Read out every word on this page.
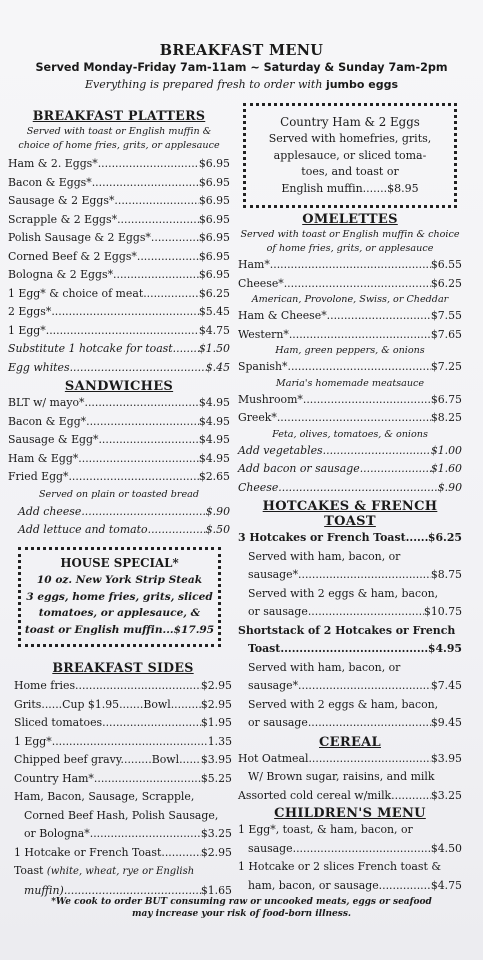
BREAKFAST MENU
Served Monday-Friday 7am-11am ~ Saturday & Sunday 7am-2pm
Everything is prepared fresh to order with jumbo eggs
BREAKFAST PLATTERS
Served with toast or English muffin & choice of home fries, grits, or applesauce
Ham & 2. Eggs* .....	$6.95
Bacon & Eggs* .....	$6.95
Sausage & 2 Eggs* .....	$6.95
Scrapple & 2 Eggs* .....	$6.95
Polish Sausage & 2 Eggs* .....	$6.95
Corned Beef & 2 Eggs* .....	$6.95
Bologna & 2 Eggs* .....	$6.95
1 Egg* & choice of meat .....	$6.25
2 Eggs* .....	$5.45
1 Egg* .....	$4.75
Substitute 1 hotcake for toast ..... $1.50
Egg whites .....	$.45
SANDWICHES
BLT w/ mayo* .....	$4.95
Bacon & Egg* .....	$4.95
Sausage & Egg* .....	$4.95
Ham & Egg* .....	$4.95
Fried Egg* .....	$2.65
Served on plain or toasted bread
Add cheese .....	$.90
Add lettuce and tomato .....	$.50
HOUSE SPECIAL*
10 oz. New York Strip Steak
3 eggs, home fries, grits, sliced
tomatoes, or applesauce, &
toast or English muffin...$17.95
BREAKFAST SIDES
Home fries .....	$2.95
Grits......Cup $1.95.......Bowl .....	$2.95
Sliced tomatoes .....	$1.95
1 Egg* .....	1.35
Chipped beef gravy.........Bowl ..... $3.95
Country Ham* .....	$5.25
Ham, Bacon, Sausage, Scrapple,
Corned Beef Hash, Polish Sausage,
or Bologna* .....	$3.25
1 Hotcake or French Toast .....	$2.95
Toast (white, wheat, rye or English
muffin) .....	$1.65
Country Ham & 2 Eggs
Served with homefries, grits,
applesauce, or sliced toma-
toes, and toast or
English muffin.......$8.95
OMELETTES
Served with toast or English muffin & choice of home fries, grits, or applesauce
Ham* .....	$6.55
Cheese* .....	$6.25
American, Provolone, Swiss, or Cheddar
Ham & Cheese* .....	$7.55
Western* .....	$7.65
Ham, green peppers, & onions
Spanish* .....	$7.25
Maria's homemade meatsauce
Mushroom* .....	$6.75
Greek* .....	$8.25
Feta, olives, tomatoes, & onions
Add vegetables .....	$1.00
Add bacon or sausage .....	$1.60
Cheese .....	$.90
HOTCAKES & FRENCH TOAST
3 Hotcakes or French Toast ..... $6.25
Served with ham, bacon, or
sausage* .....	$8.75
Served with 2 eggs & ham, bacon,
or sausage .....	$10.75
Shortstack of 2 Hotcakes or French
Toast .....	$4.95
Served with ham, bacon, or
sausage* .....	$7.45
Served with 2 eggs & ham, bacon,
or sausage .....	$9.45
CEREAL
Hot Oatmeal .....	$3.95
W/ Brown sugar, raisins, and milk
Assorted cold cereal w/milk .....	$3.25
CHILDREN'S MENU
1 Egg*, toast, & ham, bacon, or
sausage .....	$4.50
1 Hotcake or 2 slices French toast &
ham, bacon, or sausage .....	$4.75
*We cook to order BUT consuming raw or uncooked meats, eggs or seafood
may increase your risk of food-born illness.
